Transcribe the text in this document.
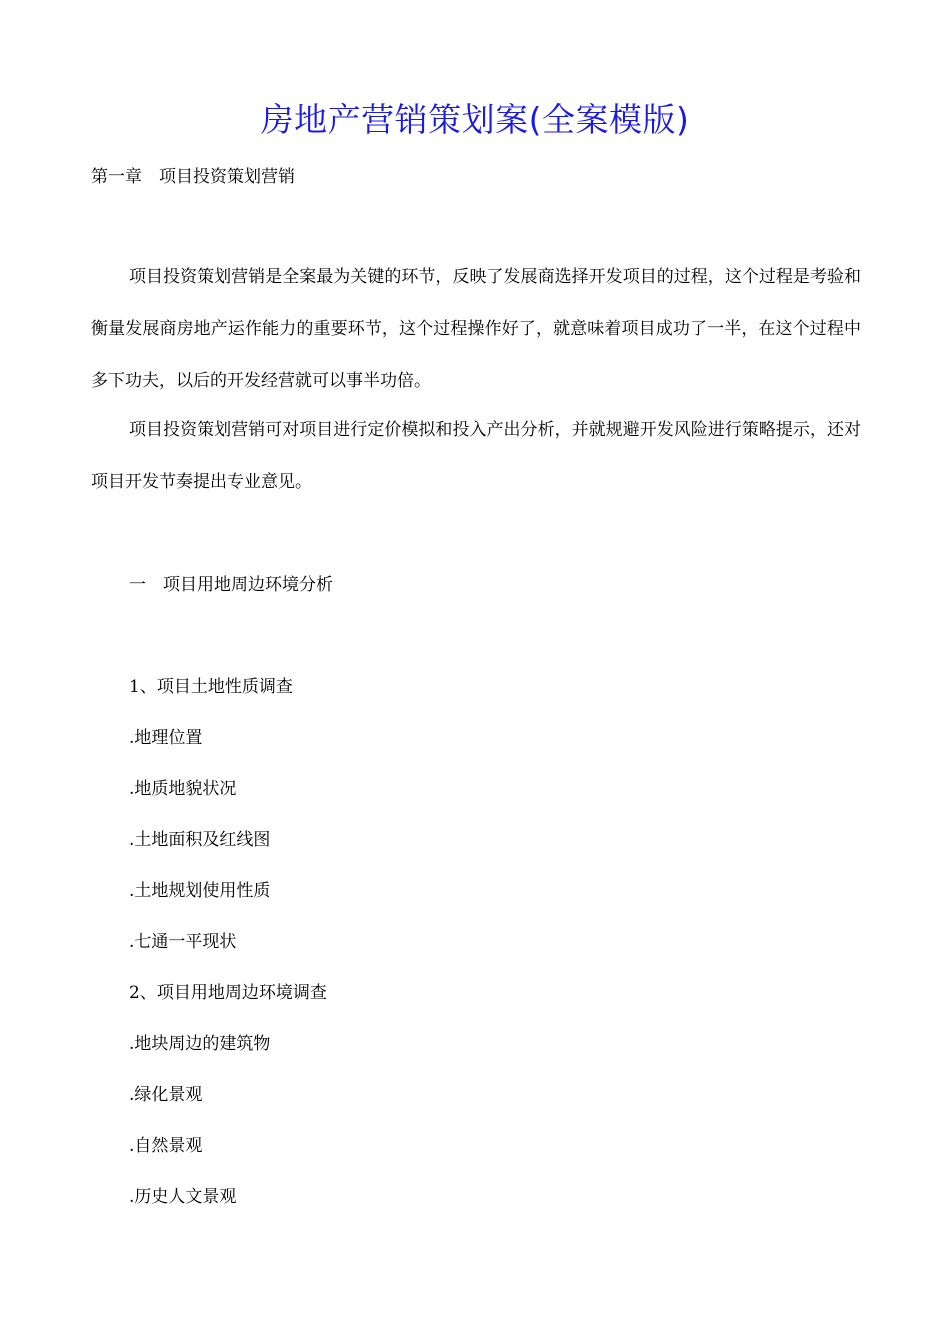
房地产营销策划案(全案模版)
第一章　项目投资策划营销
项目投资策划营销是全案最为关键的环节，反映了发展商选择开发项目的过程，这个过程是考验和衡量发展商房地产运作能力的重要环节，这个过程操作好了，就意味着项目成功了一半，在这个过程中多下功夫，以后的开发经营就可以事半功倍。
项目投资策划营销可对项目进行定价模拟和投入产出分析，并就规避开发风险进行策略提示，还对项目开发节奏提出专业意见。
一　项目用地周边环境分析
1、项目土地性质调查
.地理位置
.地质地貌状况
.土地面积及红线图
.土地规划使用性质
.七通一平现状
2、项目用地周边环境调查
.地块周边的建筑物
.绿化景观
.自然景观
.历史人文景观
